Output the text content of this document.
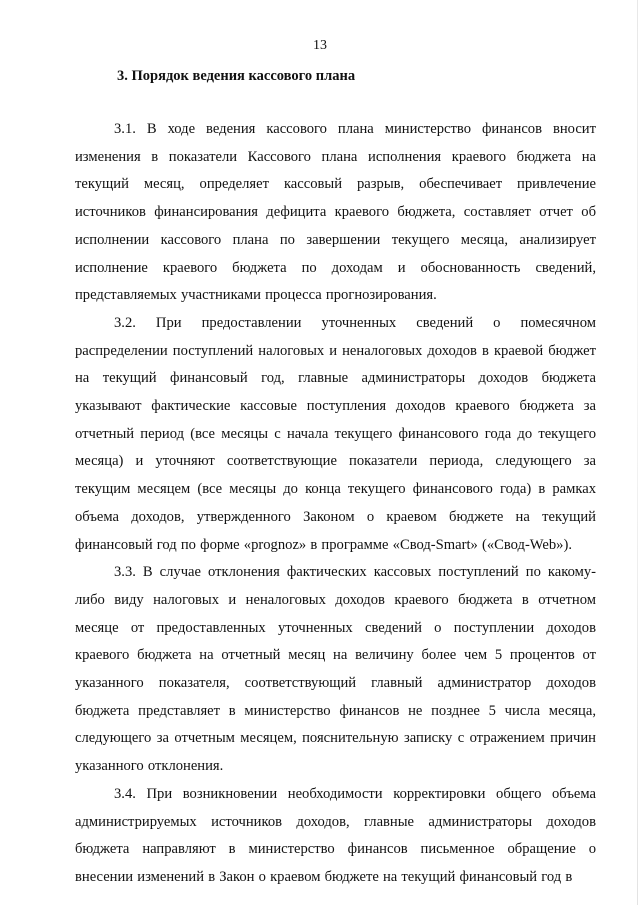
13
3. Порядок ведения кассового плана

3.1. В ходе ведения кассового плана министерство финансов вносит изменения в показатели Кассового плана исполнения краевого бюджета на текущий месяц, определяет кассовый разрыв, обеспечивает привлечение источников финансирования дефицита краевого бюджета, составляет отчет об исполнении кассового плана по завершении текущего месяца, анализирует исполнение краевого бюджета по доходам и обоснованность сведений, представляемых участниками процесса прогнозирования.

3.2. При предоставлении уточненных сведений о помесячном распределении поступлений налоговых и неналоговых доходов в краевой бюджет на текущий финансовый год, главные администраторы доходов бюджета указывают фактические кассовые поступления доходов краевого бюджета за отчетный период (все месяцы с начала текущего финансового года до текущего месяца) и уточняют соответствующие показатели периода, следующего за текущим месяцем (все месяцы до конца текущего финансового года) в рамках объема доходов, утвержденного Законом о краевом бюджете на текущий финансовый год по форме «prognoz» в программе «Свод-Smart» («Свод-Web»).

3.3. В случае отклонения фактических кассовых поступлений по какому-либо виду налоговых и неналоговых доходов краевого бюджета в отчетном месяце от предоставленных уточненных сведений о поступлении доходов краевого бюджета на отчетный месяц на величину более чем 5 процентов от указанного показателя, соответствующий главный администратор доходов бюджета представляет в министерство финансов не позднее 5 числа месяца, следующего за отчетным месяцем, пояснительную записку с отражением причин указанного отклонения.

3.4. При возникновении необходимости корректировки общего объема администрируемых источников доходов, главные администраторы доходов бюджета направляют в министерство финансов письменное обращение о внесении изменений в Закон о краевом бюджете на текущий финансовый год в
